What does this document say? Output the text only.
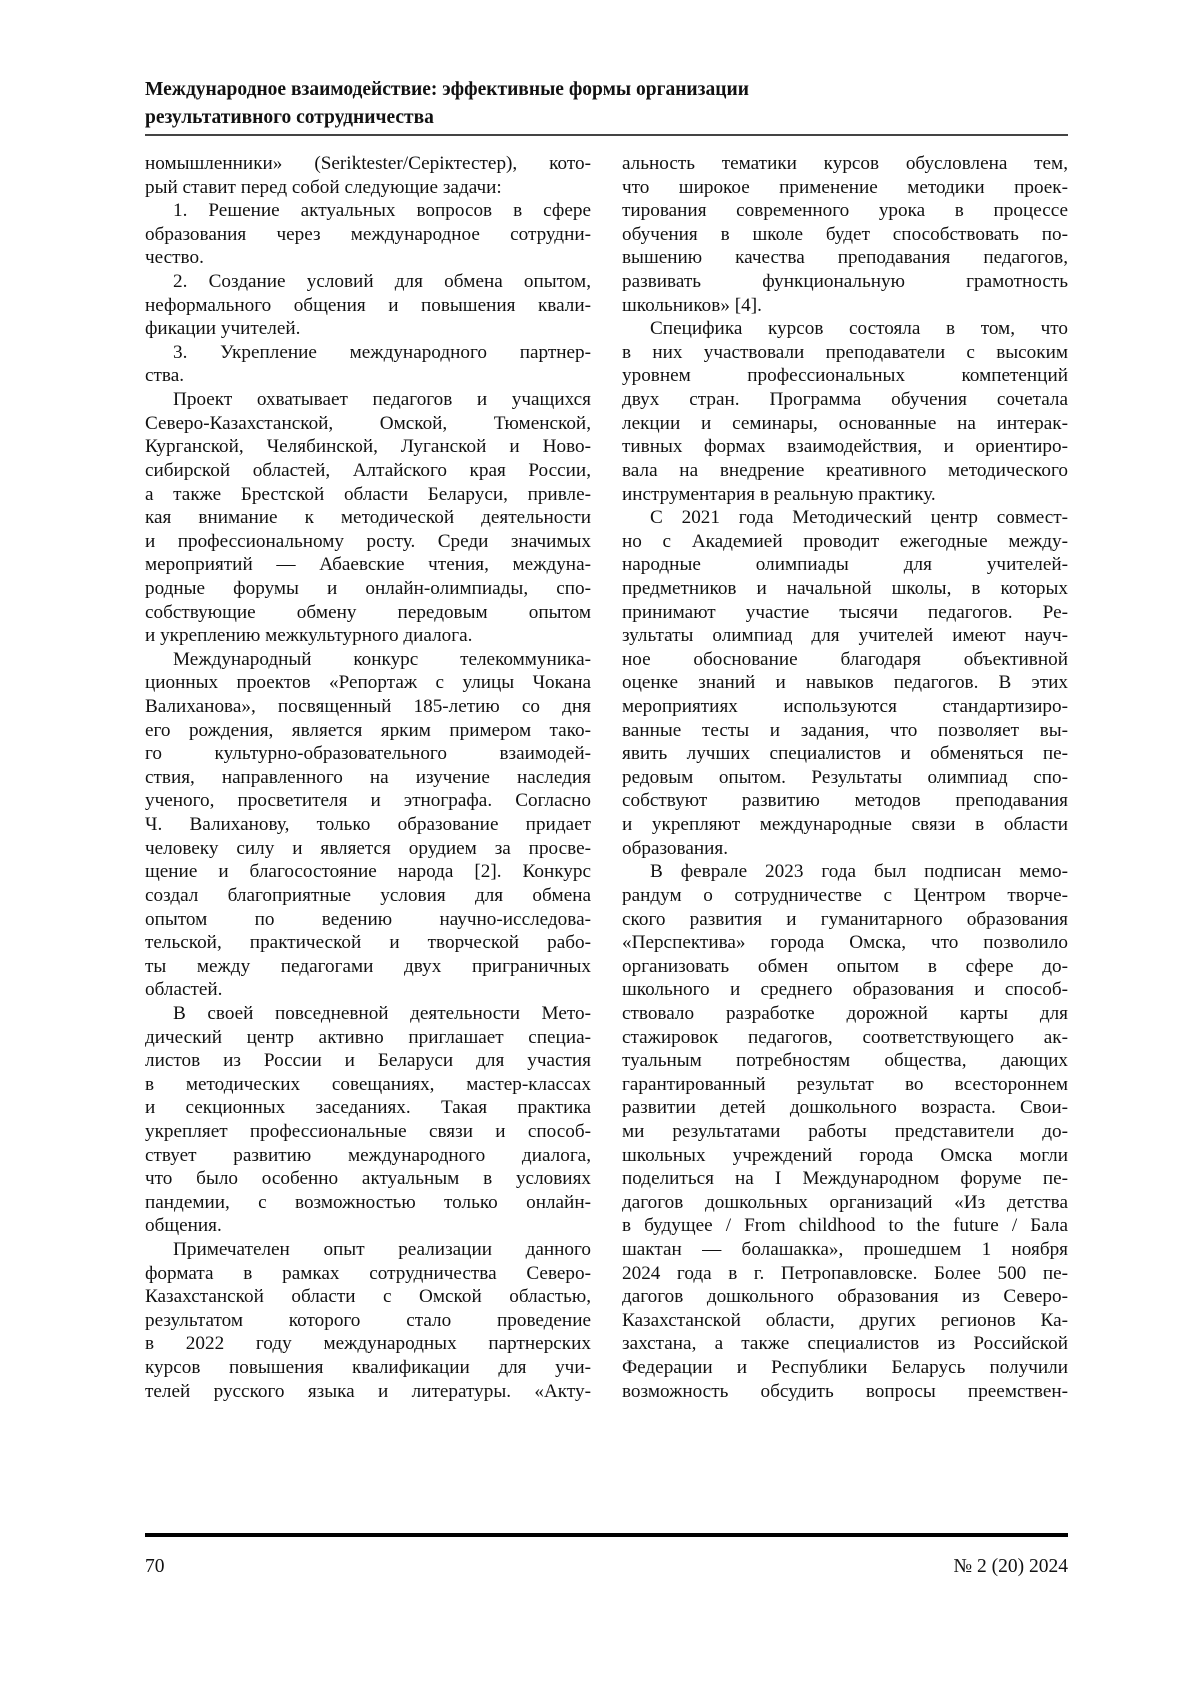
Международное взаимодействие: эффективные формы организации
результативного сотрудничества
номышленники» (Seriktester/Серіктестер), кото-
рый ставит перед собой следующие задачи:
1. Решение актуальных вопросов в сфере
образования через международное сотрудни-
чество.
2. Создание условий для обмена опытом,
неформального общения и повышения квали-
фикации учителей.
3. Укрепление международного партнер-
ства.
Проект охватывает педагогов и учащихся
Северо-Казахстанской, Омской, Тюменской,
Курганской, Челябинской, Луганской и Ново-
сибирской областей, Алтайского края России,
а также Брестской области Беларуси, привле-
кая внимание к методической деятельности
и профессиональному росту. Среди значимых
мероприятий — Абаевские чтения, междуна-
родные форумы и онлайн-олимпиады, спо-
собствующие обмену передовым опытом
и укреплению межкультурного диалога.
Международный конкурс телекоммуника-
ционных проектов «Репортаж с улицы Чокана
Валиханова», посвященный 185-летию со дня
его рождения, является ярким примером тако-
го культурно-образовательного взаимодей-
ствия, направленного на изучение наследия
ученого, просветителя и этнографа. Согласно
Ч. Валиханову, только образование придает
человеку силу и является орудием за просве-
щение и благосостояние народа [2]. Конкурс
создал благоприятные условия для обмена
опытом по ведению научно-исследова-
тельской, практической и творческой рабо-
ты между педагогами двух приграничных
областей.
В своей повседневной деятельности Мето-
дический центр активно приглашает специа-
листов из России и Беларуси для участия
в методических совещаниях, мастер-классах
и секционных заседаниях. Такая практика
укрепляет профессиональные связи и способ-
ствует развитию международного диалога,
что было особенно актуальным в условиях
пандемии, с возможностью только онлайн-
общения.
Примечателен опыт реализации данного
формата в рамках сотрудничества Северо-
Казахстанской области с Омской областью,
результатом которого стало проведение
в 2022 году международных партнерских
курсов повышения квалификации для учи-
телей русского языка и литературы. «Акту-
альность тематики курсов обусловлена тем,
что широкое применение методики проек-
тирования современного урока в процессе
обучения в школе будет способствовать по-
вышению качества преподавания педагогов,
развивать функциональную грамотность
школьников» [4].
Специфика курсов состояла в том, что
в них участвовали преподаватели с высоким
уровнем профессиональных компетенций
двух стран. Программа обучения сочетала
лекции и семинары, основанные на интерак-
тивных формах взаимодействия, и ориентиро-
вала на внедрение креативного методического
инструментария в реальную практику.
С 2021 года Методический центр совмест-
но с Академией проводит ежегодные между-
народные олимпиады для учителей-
предметников и начальной школы, в которых
принимают участие тысячи педагогов. Ре-
зультаты олимпиад для учителей имеют науч-
ное обоснование благодаря объективной
оценке знаний и навыков педагогов. В этих
мероприятиях используются стандартизиро-
ванные тесты и задания, что позволяет вы-
явить лучших специалистов и обменяться пе-
редовым опытом. Результаты олимпиад спо-
собствуют развитию методов преподавания
и укрепляют международные связи в области
образования.
В феврале 2023 года был подписан мемо-
рандум о сотрудничестве с Центром творче-
ского развития и гуманитарного образования
«Перспектива» города Омска, что позволило
организовать обмен опытом в сфере до-
школьного и среднего образования и способ-
ствовало разработке дорожной карты для
стажировок педагогов, соответствующего ак-
туальным потребностям общества, дающих
гарантированный результат во всестороннем
развитии детей дошкольного возраста. Свои-
ми результатами работы представители до-
школьных учреждений города Омска могли
поделиться на I Международном форуме пе-
дагогов дошкольных организаций «Из детства
в будущее / From childhood to the future / Бала
шактан — болашакка», прошедшем 1 ноября
2024 года в г. Петропавловске. Более 500 пе-
дагогов дошкольного образования из Северо-
Казахстанской области, других регионов Ка-
захстана, а также специалистов из Российской
Федерации и Республики Беларусь получили
возможность обсудить вопросы преемствен-
70	№ 2 (20) 2024
